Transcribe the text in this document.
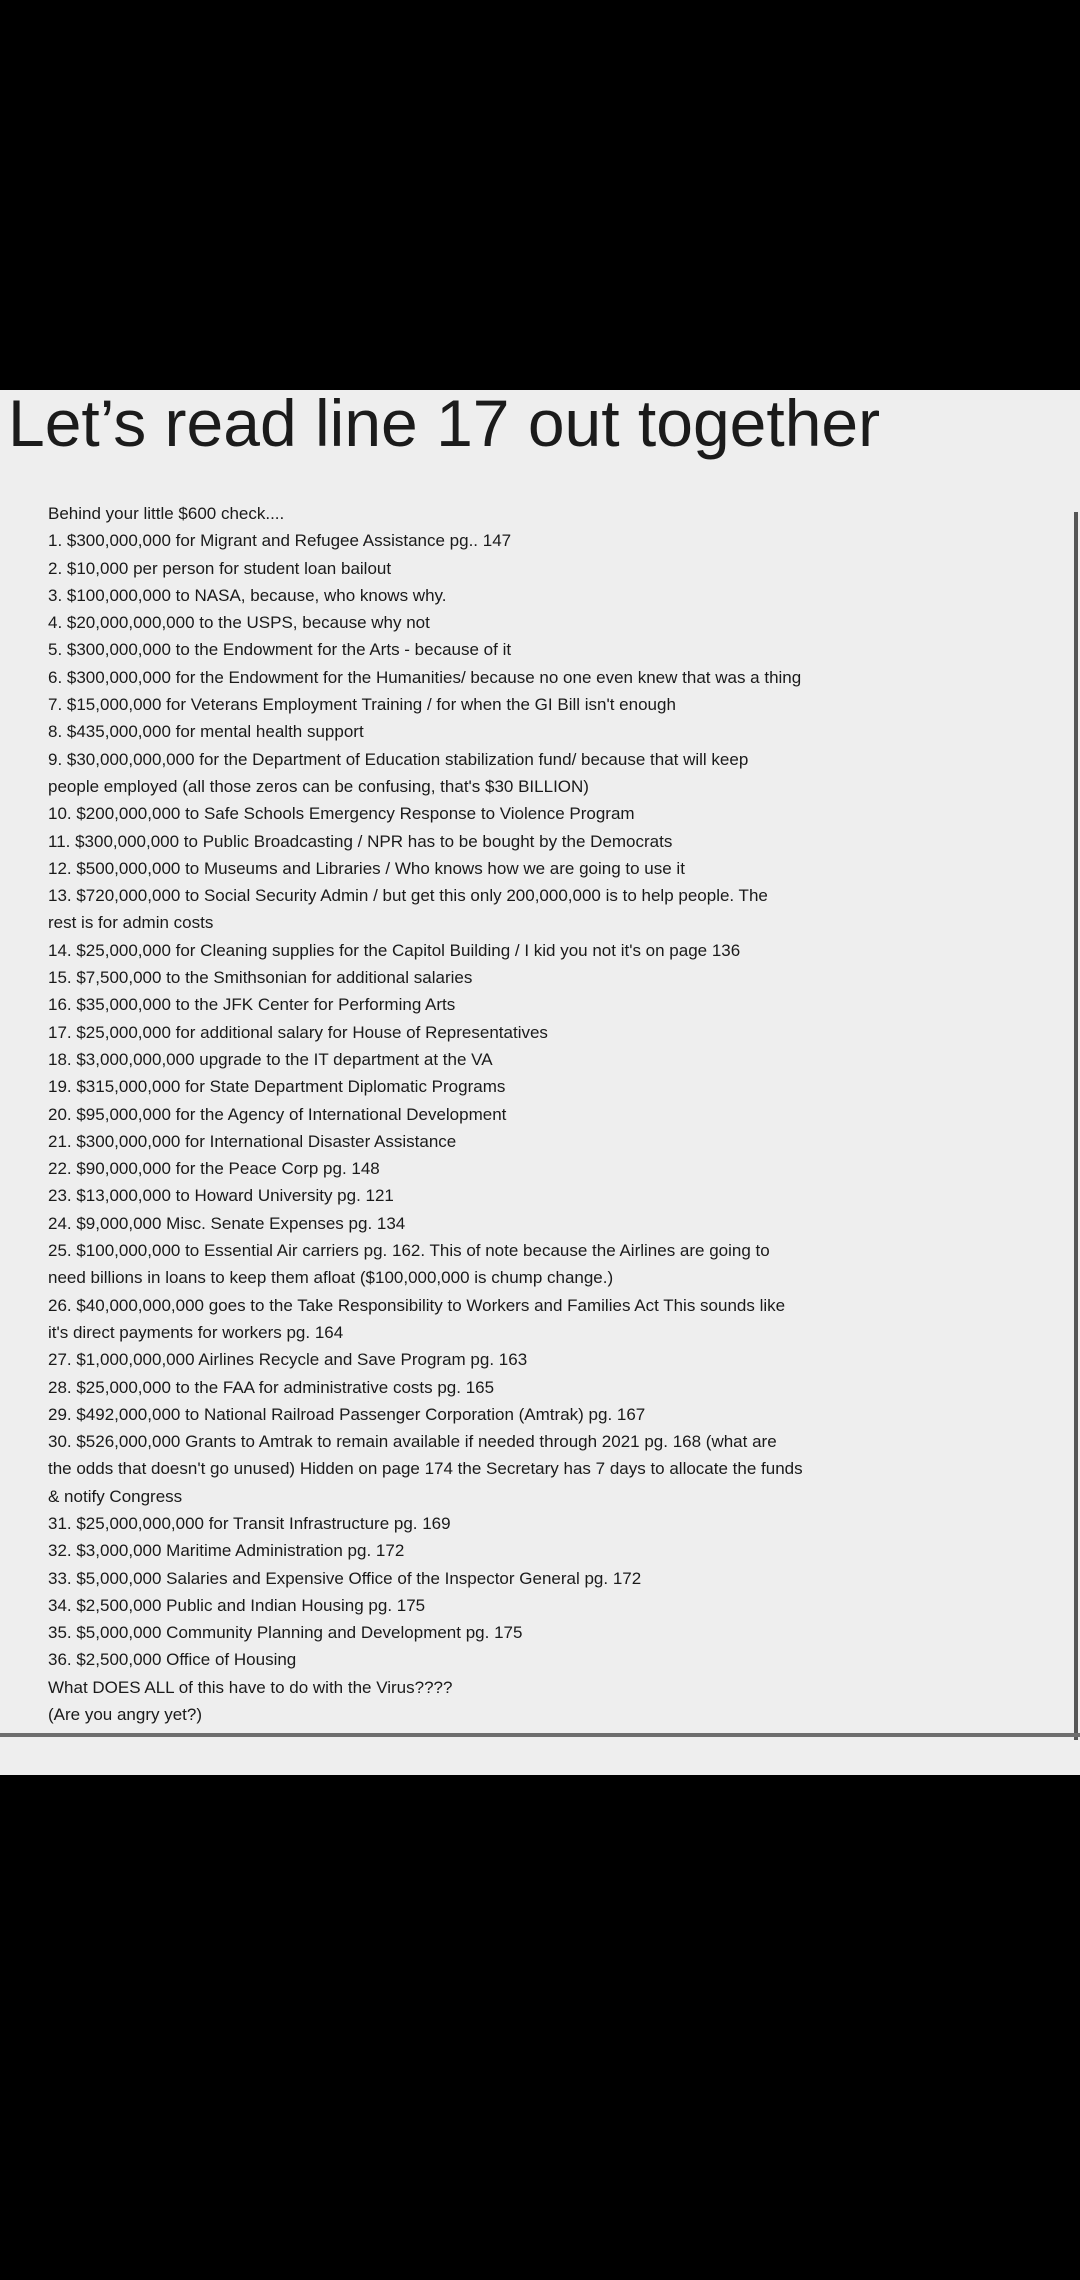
Let’s read line 17 out together

Behind your little $600 check....

1. $300,000,000 for Migrant and Refugee Assistance pg.. 147

2. $10,000 per person for student loan bailout

3. $100,000,000 to NASA, because, who knows why.

4. $20,000,000,000 to the USPS, because why not

5. $300,000,000 to the Endowment for the Arts - because of it

6. $300,000,000 for the Endowment for the Humanities/ because no one even knew that was a thing

7. $15,000,000 for Veterans Employment Training / for when the GI Bill isn't enough

8. $435,000,000 for mental health support

9. $30,000,000,000 for the Department of Education stabilization fund/ because that will keep

people employed (all those zeros can be confusing, that's $30 BILLION)

10. $200,000,000 to Safe Schools Emergency Response to Violence Program

11. $300,000,000 to Public Broadcasting / NPR has to be bought by the Democrats

12. $500,000,000 to Museums and Libraries / Who knows how we are going to use it

13. $720,000,000 to Social Security Admin / but get this only 200,000,000 is to help people. The

rest is for admin costs

14. $25,000,000 for Cleaning supplies for the Capitol Building / I kid you not it's on page 136

15. $7,500,000 to the Smithsonian for additional salaries

16. $35,000,000 to the JFK Center for Performing Arts

17. $25,000,000 for additional salary for House of Representatives

18. $3,000,000,000 upgrade to the IT department at the VA

19. $315,000,000 for State Department Diplomatic Programs

20. $95,000,000 for the Agency of International Development

21. $300,000,000 for International Disaster Assistance

22. $90,000,000 for the Peace Corp pg. 148

23. $13,000,000 to Howard University pg. 121

24. $9,000,000 Misc. Senate Expenses pg. 134

25. $100,000,000 to Essential Air carriers pg. 162. This of note because the Airlines are going to

need billions in loans to keep them afloat ($100,000,000 is chump change.)

26. $40,000,000,000 goes to the Take Responsibility to Workers and Families Act This sounds like

it's direct payments for workers pg. 164

27. $1,000,000,000 Airlines Recycle and Save Program pg. 163

28. $25,000,000 to the FAA for administrative costs pg. 165

29. $492,000,000 to National Railroad Passenger Corporation (Amtrak) pg. 167

30. $526,000,000 Grants to Amtrak to remain available if needed through 2021 pg. 168 (what are

the odds that doesn't go unused) Hidden on page 174 the Secretary has 7 days to allocate the funds

& notify Congress

31. $25,000,000,000 for Transit Infrastructure pg. 169

32. $3,000,000 Maritime Administration pg. 172

33. $5,000,000 Salaries and Expensive Office of the Inspector General pg. 172

34. $2,500,000 Public and Indian Housing pg. 175

35. $5,000,000 Community Planning and Development pg. 175

36. $2,500,000 Office of Housing

What DOES ALL of this have to do with the Virus????

(Are you angry yet?)
